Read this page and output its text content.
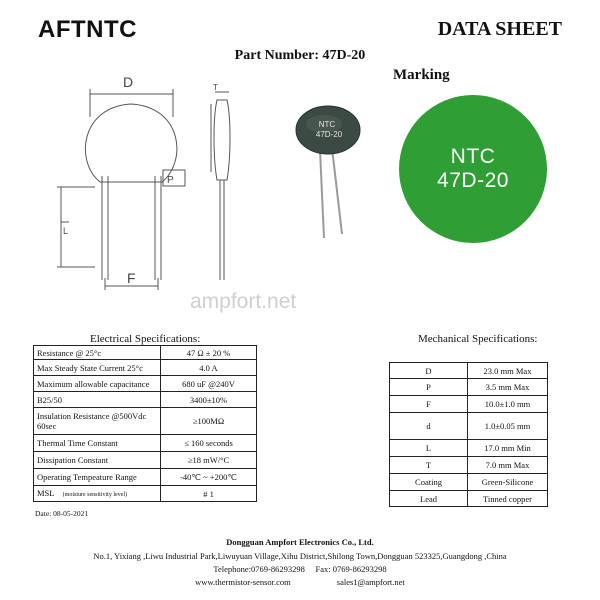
AFTNTC	DATA SHEET
Part Number: 47D-20
Marking
D
F
P
L
T
NTC
47D-20
NTC
47D-20
ampfort.net
Electrical Specifications:	Mechanical Specifications:
Resistance @ 25°c	47 Ω ± 20 %
Max Steady State Current 25°c	4.0 A
Maximum allowable capacitance	680 uF @240V
B25/50	3400±10%
Insulation Resistance @500Vdc 60sec	≥100MΩ
Thermal Time Constant	≤ 160 seconds
Dissipation Constant	≥18 mW/°C
Operating Tempeature Range	-40℃ ~ +200℃
MSL (moisture sensitivity level)	# 1
D	23.0 mm Max
P	3.5 mm Max
F	10.0±1.0 mm
d	1.0±0.05 mm
L	17.0 mm Min
T	7.0 mm Max
Coating	Green-Silicone
Lead	Tinned copper
Date: 08-05-2021
Dongguan Ampfort Electronics Co., Ltd.
No.1, Yixiang ,Liwu Industrial Park,Liwuyuan Village,Xihu District,Shilong Town,Dongguan 523325,Guangdong ,China
Telephone:0769-86293298 Fax: 0769-86293298
www.thermistor-sensor.com	sales1@ampfort.net
